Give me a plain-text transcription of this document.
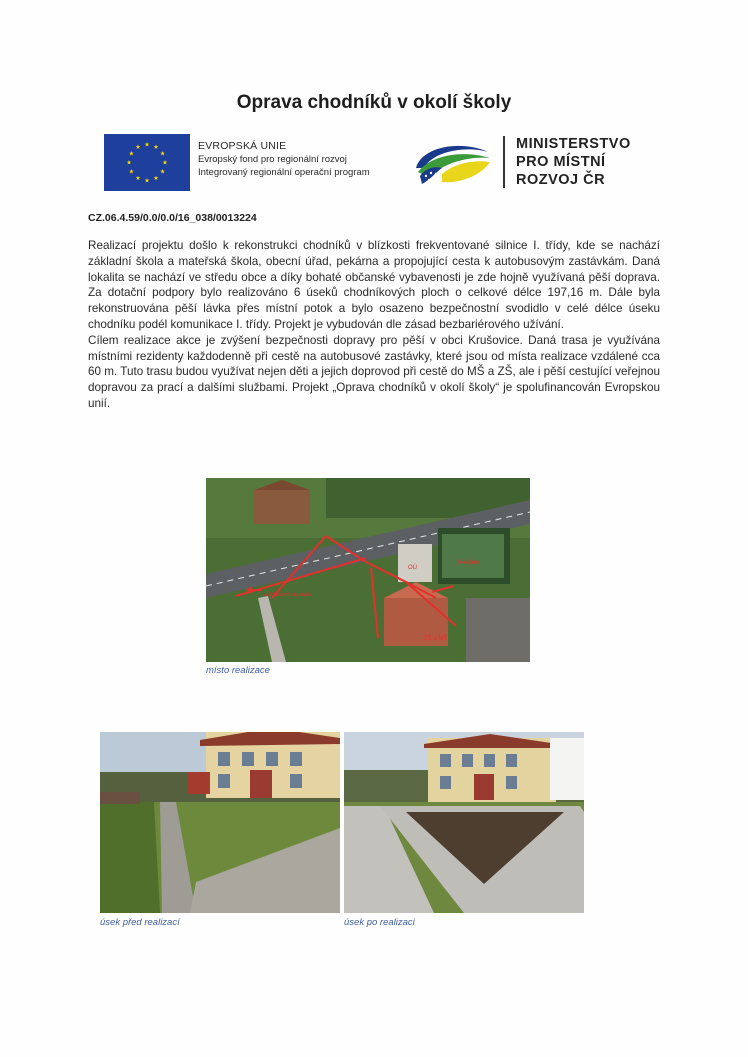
Oprava chodníků v okolí školy
EVROPSKÁ UNIE
Evropský fond pro regionální rozvoj
Integrovaný regionální operační program
MINISTERSTVO
PRO MÍSTNÍ
ROZVOJ ČR
CZ.06.4.59/0.0/0.0/16_038/0013224

Realizací projektu došlo k rekonstrukci chodníků v blízkosti frekventované silnice I. třídy, kde se nachází základní škola a mateřská škola, obecní úřad, pekárna a propojující cesta k autobusovým zastávkám. Daná lokalita se nachází ve středu obce a díky bohaté občanské vybavenosti je zde hojně využívaná pěší doprava. Za dotační podpory bylo realizováno 6 úseků chodníkových ploch o celkové délce 197,16 m. Dále byla rekonstruována pěší lávka přes místní potok a bylo osazeno bezpečnostní svodidlo v celé délce úseku chodníku podél komunikace I. třídy. Projekt je vybudován dle zásad bezbariérového užívání.

Cílem realizace akce je zvýšení bezpečnosti dopravy pro pěší v obci Krušovice. Daná trasa je využívána místními rezidenty každodenně při cestě na autobusové zastávky, které jsou od místa realizace vzdálené cca 60 m. Tuto trasu budou využívat nejen děti a jejich doprovod při cestě do MŠ a ZŠ, ale i pěší cestující veřejnou dopravou za prací a dalšími službami. Projekt „Oprava chodníků v okolí školy“ je spolufinancován Evropskou unií.

OÚ
ZŠ a MŠ
Pekárna
autobusová zastávka
místo realizace
úsek před realizací	úsek po realizaci
